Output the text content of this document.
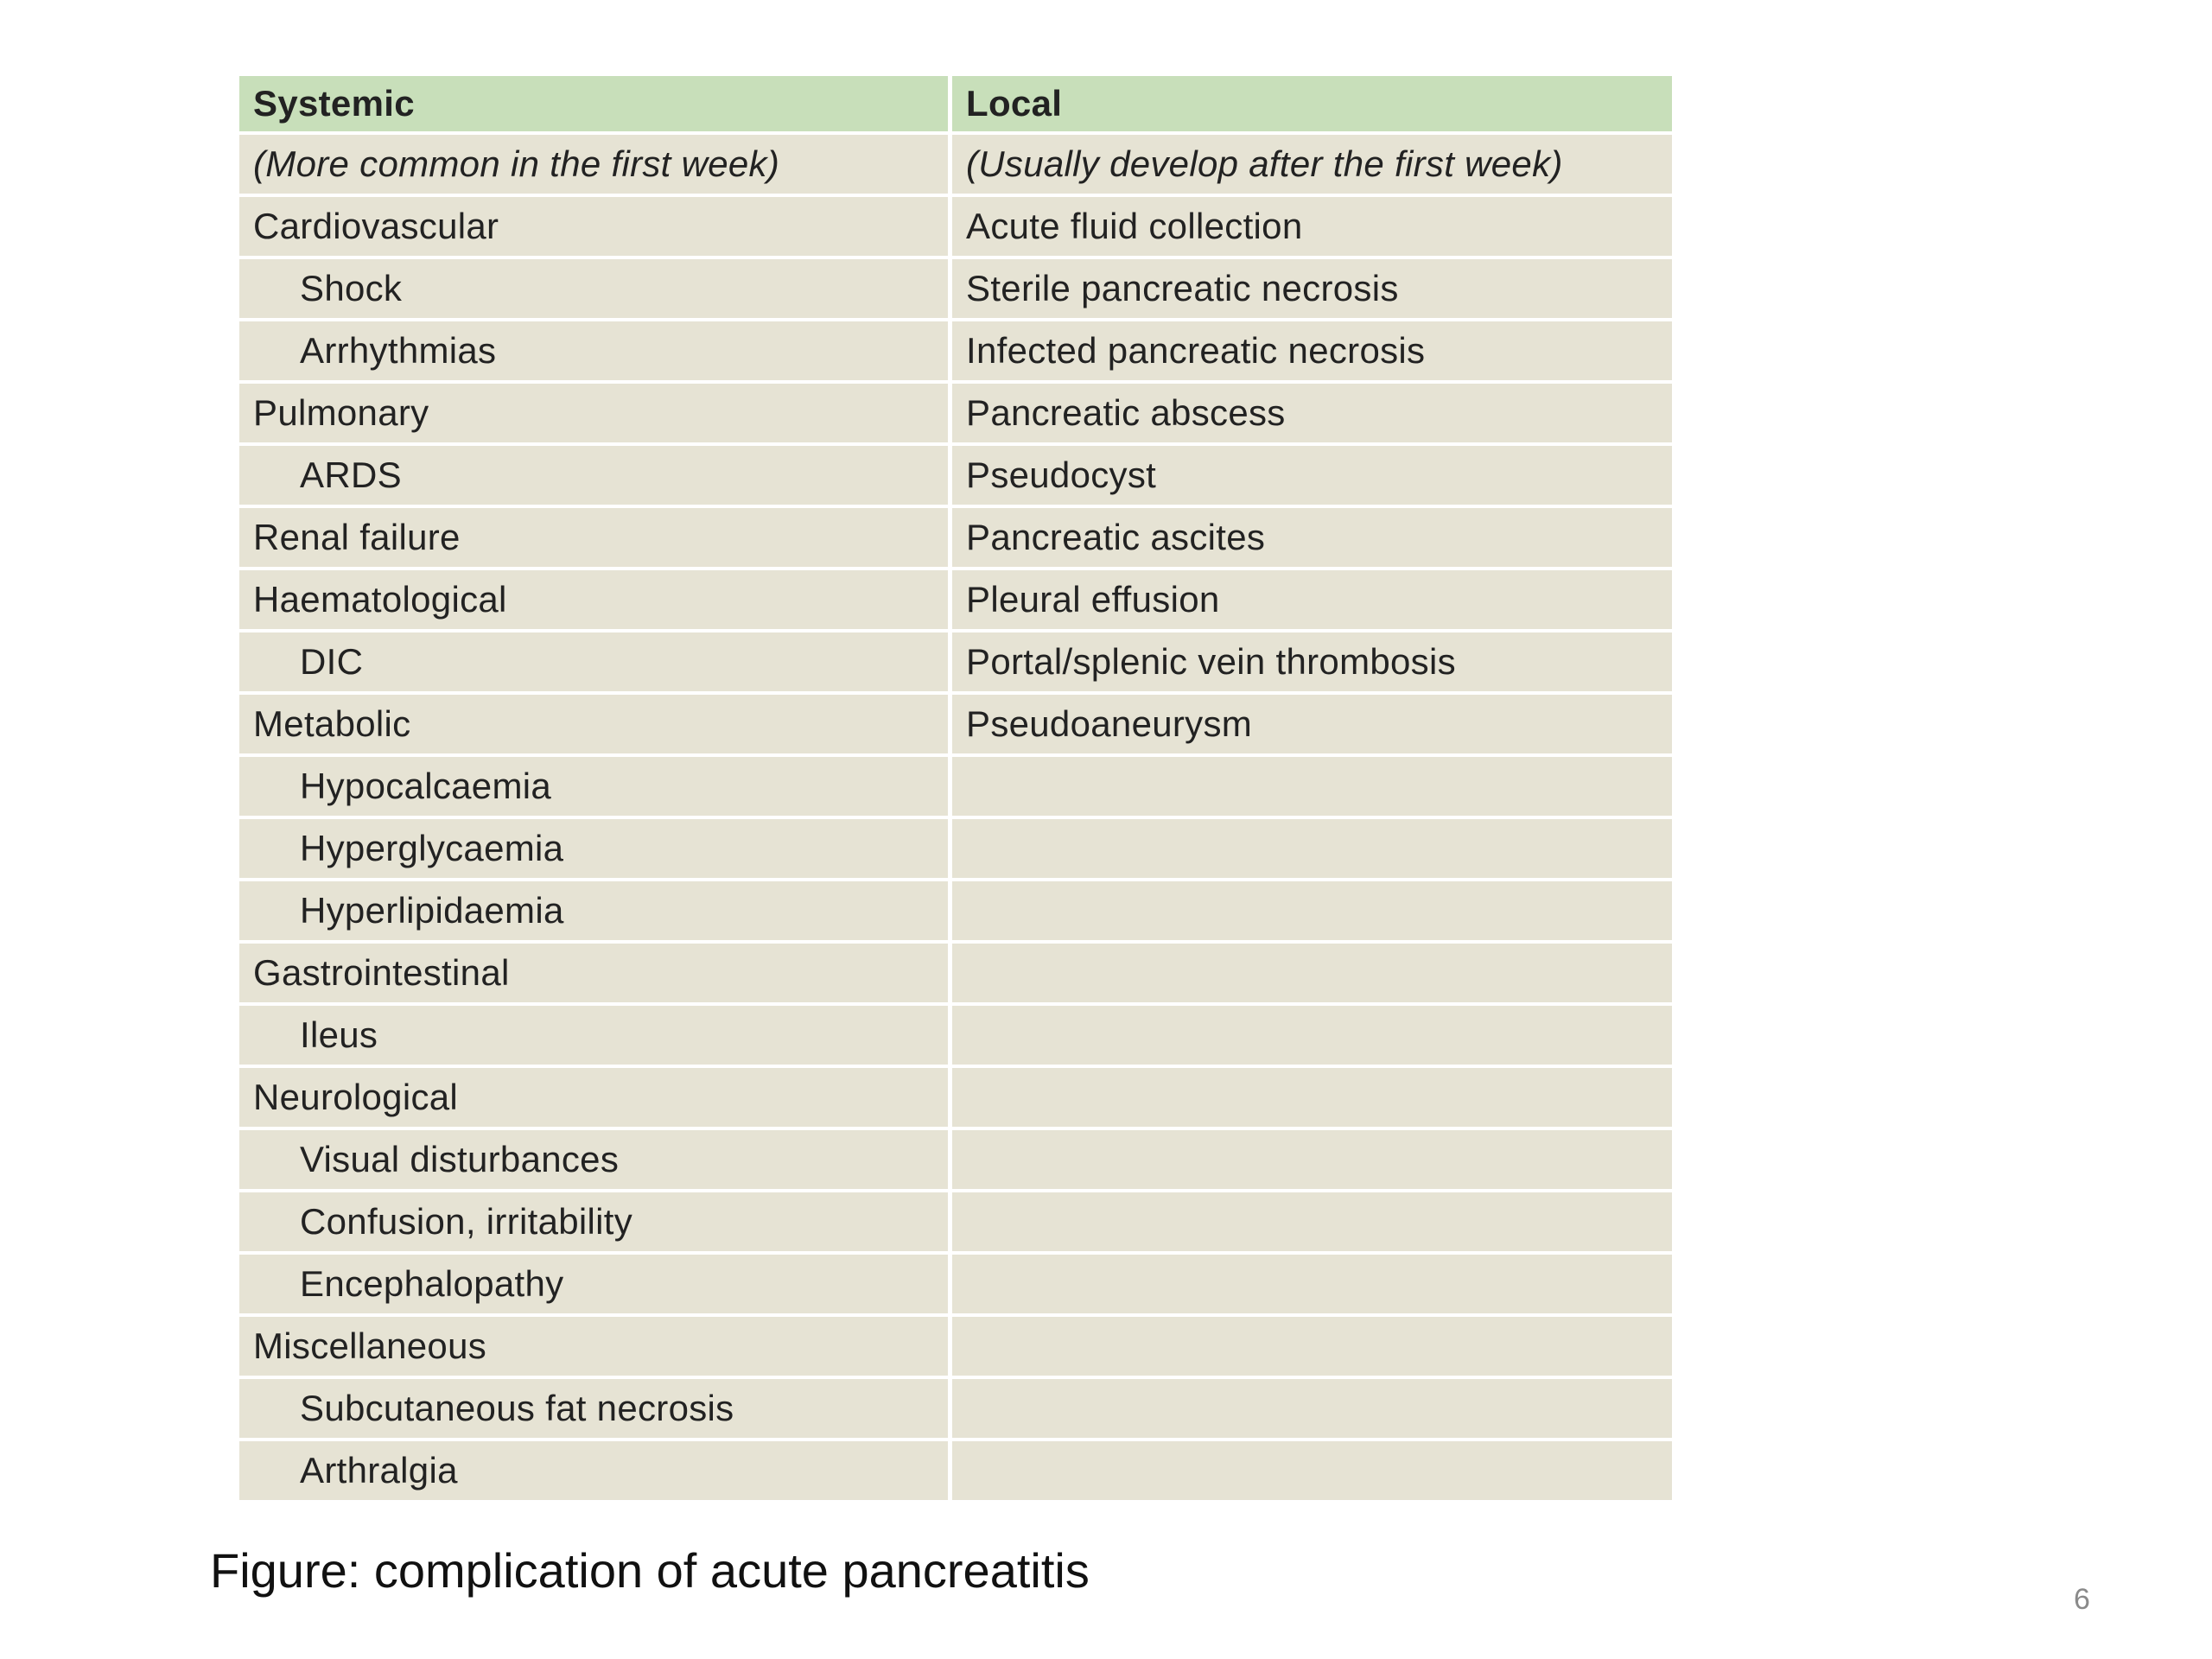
Systemic	Local
(More common in the first week)	(Usually develop after the first week)
Cardiovascular	Acute fluid collection
Shock	Sterile pancreatic necrosis
Arrhythmias	Infected pancreatic necrosis
Pulmonary	Pancreatic abscess
ARDS	Pseudocyst
Renal failure	Pancreatic ascites
Haematological	Pleural effusion
DIC	Portal/splenic vein thrombosis
Metabolic	Pseudoaneurysm
Hypocalcaemia	
Hyperglycaemia	
Hyperlipidaemia	
Gastrointestinal	
Ileus	
Neurological	
Visual disturbances	
Confusion, irritability	
Encephalopathy	
Miscellaneous	
Subcutaneous fat necrosis	
Arthralgia	
Figure: complication of acute pancreatitis
6
